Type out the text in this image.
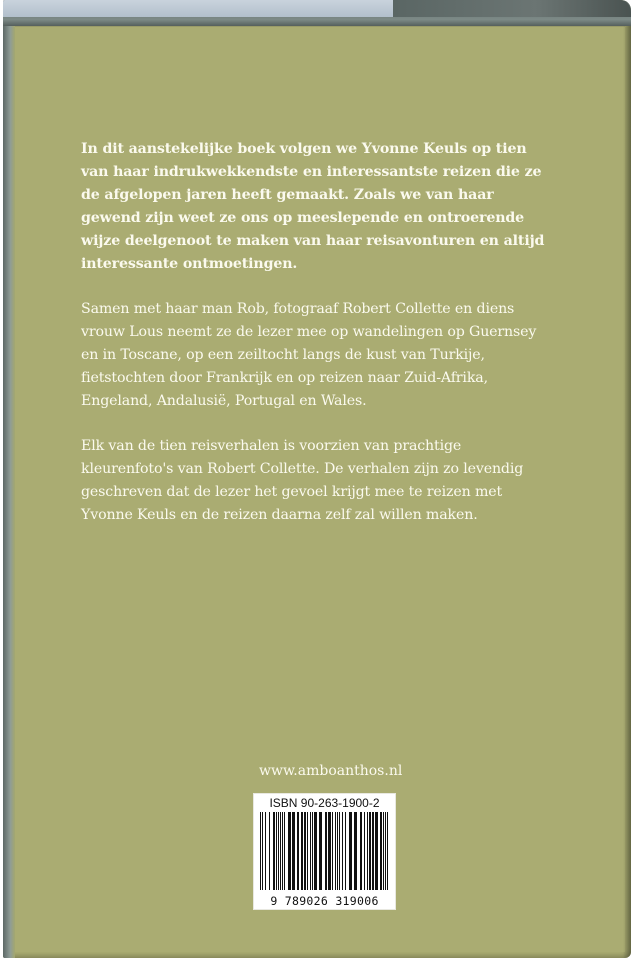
In dit aanstekelijke boek volgen we Yvonne Keuls op tien van haar indrukwekkendste en interessantste reizen die ze de afgelopen jaren heeft gemaakt. Zoals we van haar gewend zijn weet ze ons op meeslepende en ontroerende wijze deelgenoot te maken van haar reisavonturen en altijd interessante ontmoetingen.

Samen met haar man Rob, fotograaf Robert Collette en diens vrouw Lous neemt ze de lezer mee op wandelingen op Guernsey en in Toscane, op een zeiltocht langs de kust van Turkije, fietstochten door Frankrijk en op reizen naar Zuid-Afrika, Engeland, Andalusië, Portugal en Wales.

Elk van de tien reisverhalen is voorzien van prachtige kleurenfoto's van Robert Collette. De verhalen zijn zo levendig geschreven dat de lezer het gevoel krijgt mee te reizen met Yvonne Keuls en de reizen daarna zelf zal willen maken.

www.amboanthos.nl
ISBN 90-263-1900-2
9 789026 319006
